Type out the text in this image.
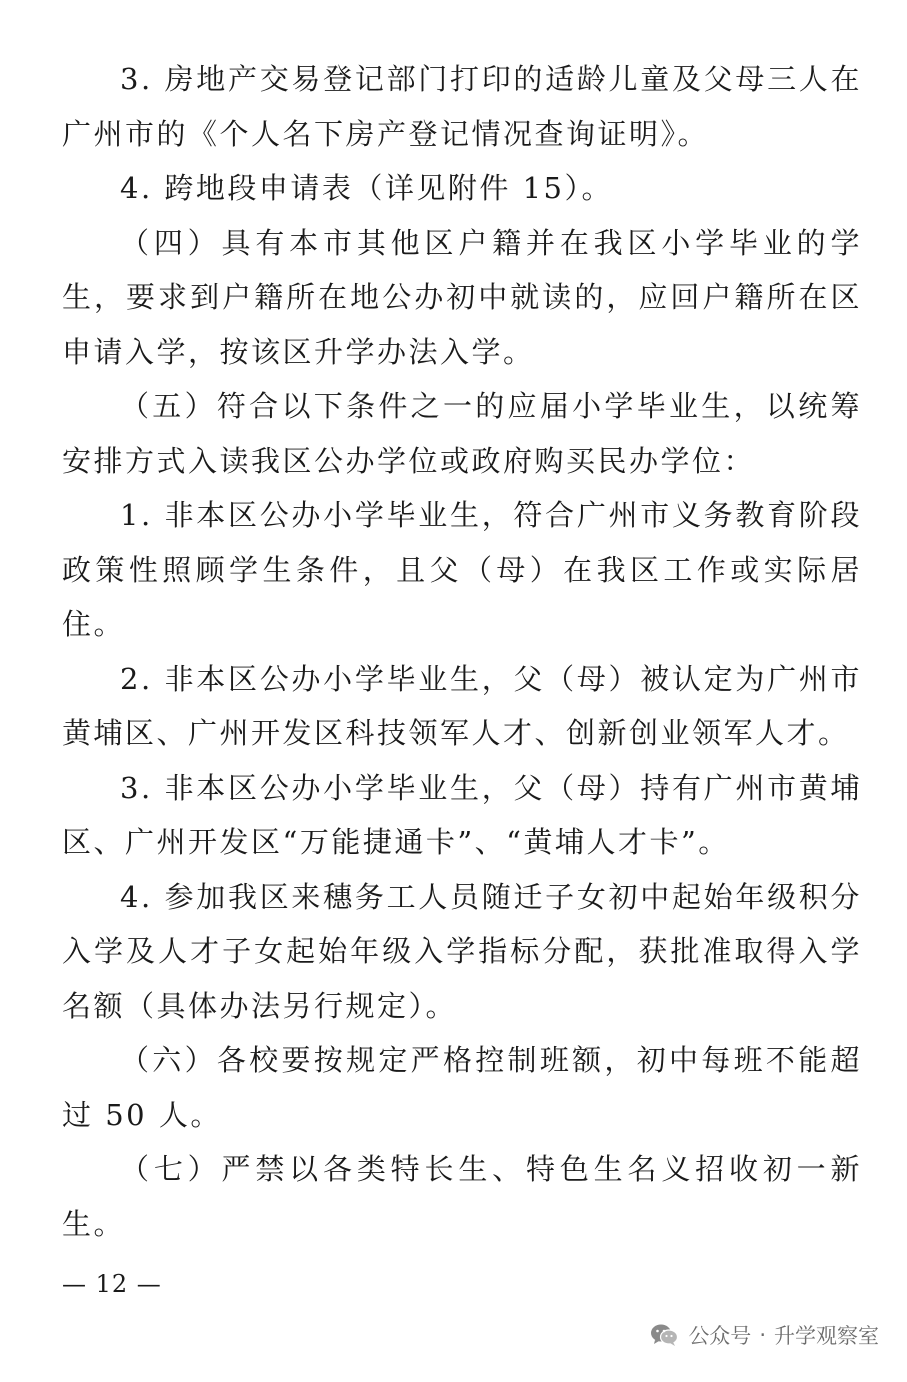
3. 房地产交易登记部门打印的适龄儿童及父母三人在广州市的《个人名下房产登记情况查询证明》。

4. 跨地段申请表（详见附件 15）。

（四）具有本市其他区户籍并在我区小学毕业的学生，要求到户籍所在地公办初中就读的，应回户籍所在区申请入学，按该区升学办法入学。

（五）符合以下条件之一的应届小学毕业生，以统筹安排方式入读我区公办学位或政府购买民办学位：

1. 非本区公办小学毕业生，符合广州市义务教育阶段政策性照顾学生条件，且父（母）在我区工作或实际居住。

2. 非本区公办小学毕业生，父（母）被认定为广州市黄埔区、广州开发区科技领军人才、创新创业领军人才。

3. 非本区公办小学毕业生，父（母）持有广州市黄埔区、广州开发区“万能捷通卡”、“黄埔人才卡”。

4. 参加我区来穗务工人员随迁子女初中起始年级积分入学及人才子女起始年级入学指标分配，获批准取得入学名额（具体办法另行规定）。

（六）各校要按规定严格控制班额，初中每班不能超过 50 人。

（七）严禁以各类特长生、特色生名义招收初一新生。

— 12 —
公众号 · 升学观察室
